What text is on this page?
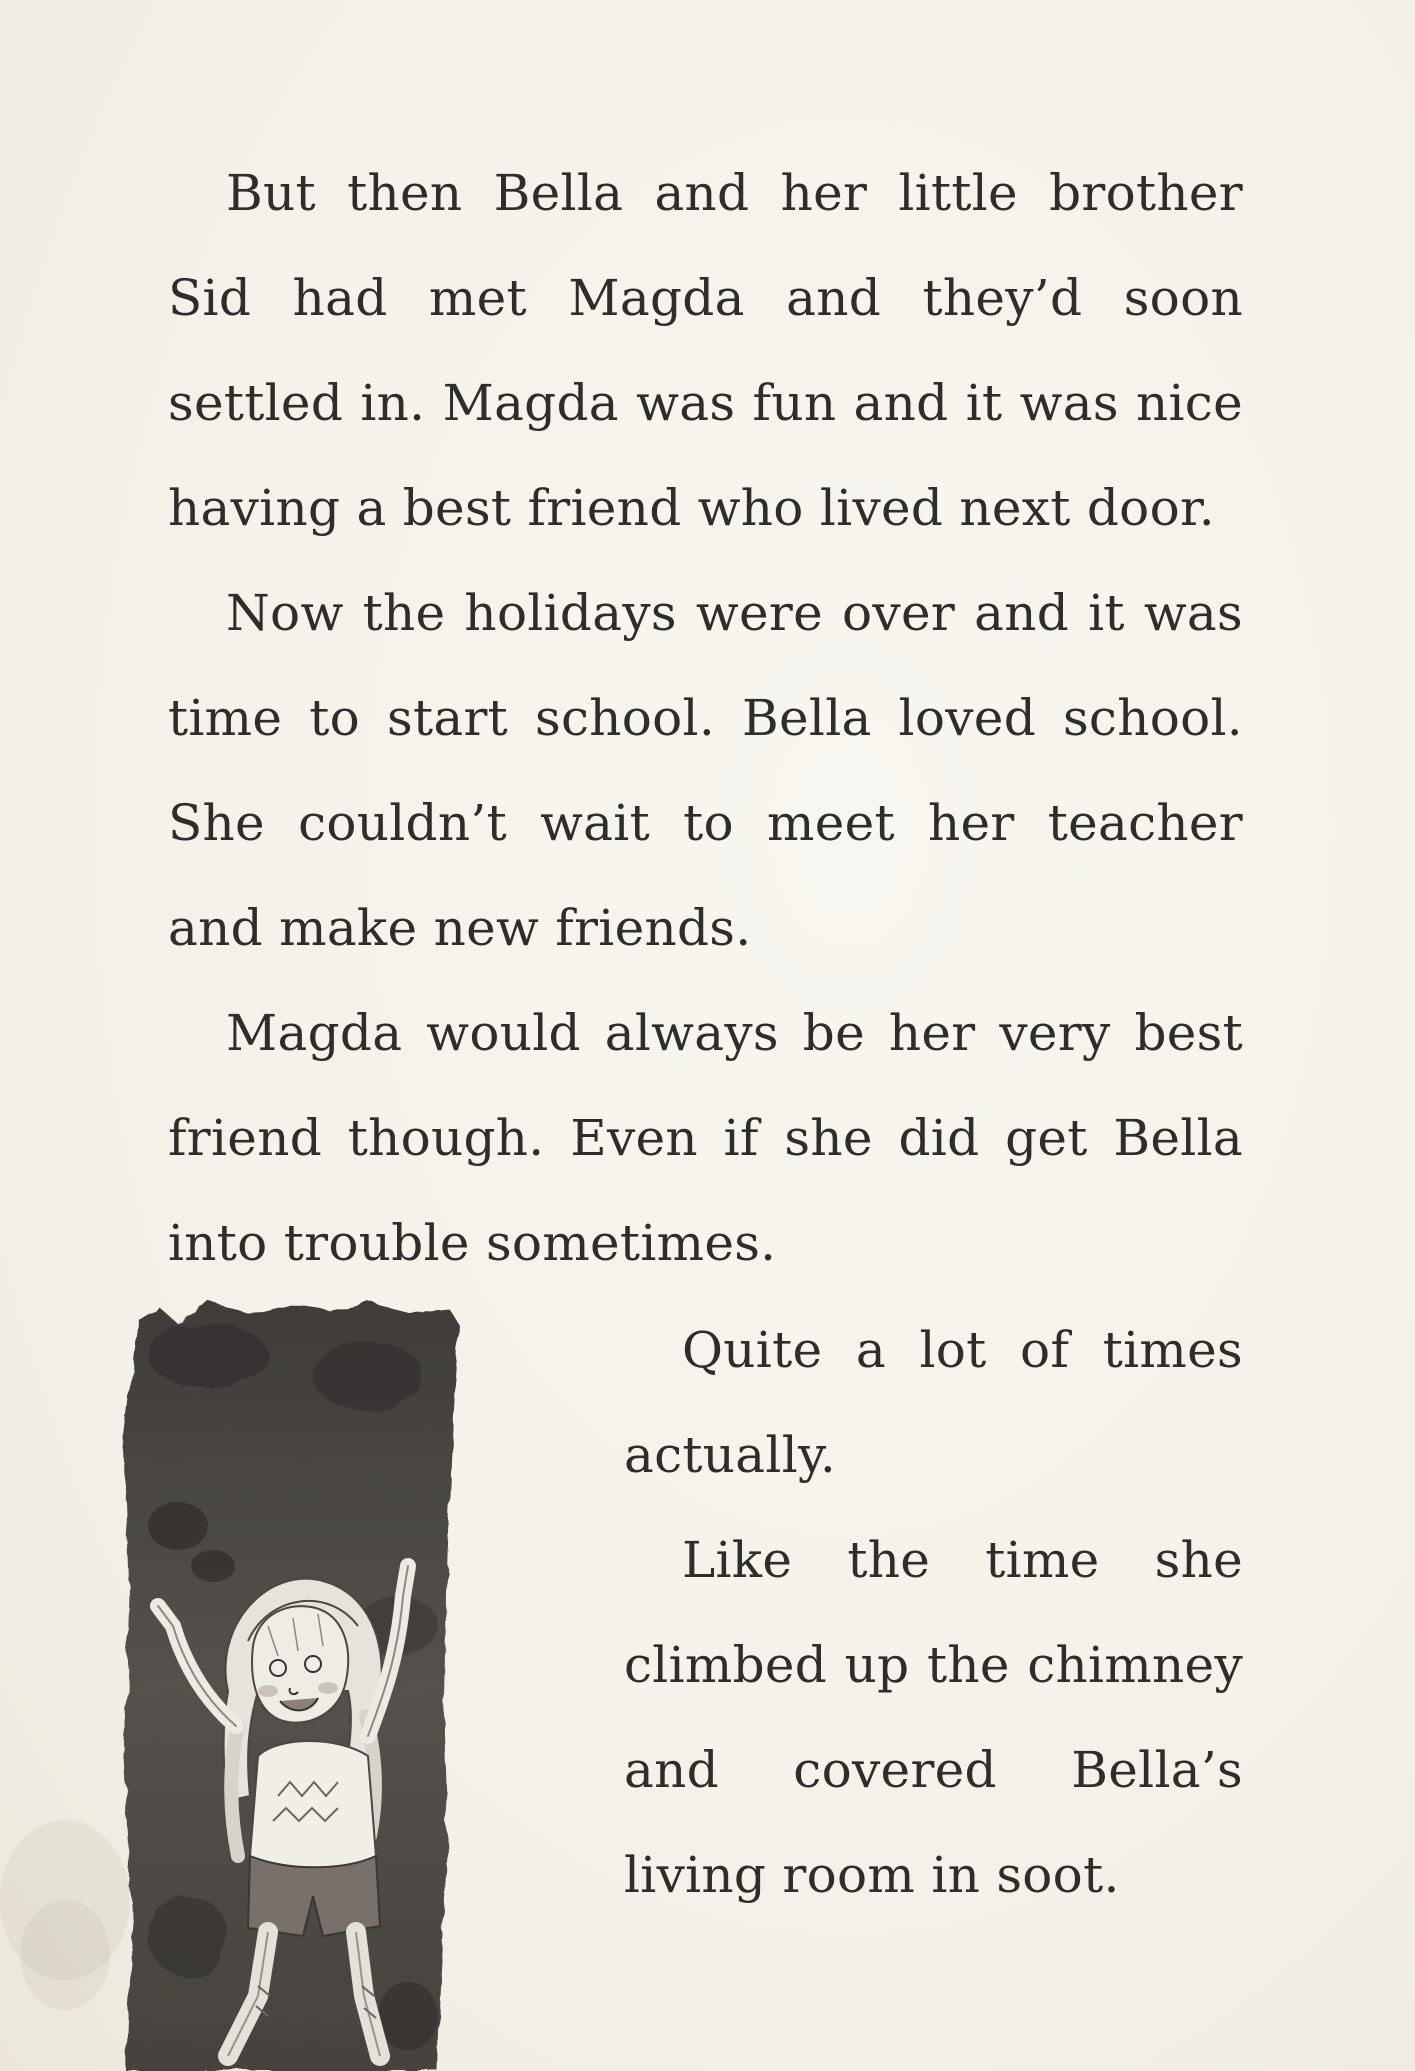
But then Bella and her little brother Sid had met Magda and they’d soon settled in. Magda was fun and it was nice having a best friend who lived next door.

Now the holidays were over and it was time to start school. Bella loved school. She couldn’t wait to meet her teacher and make new friends.

Magda would always be her very best friend though. Even if she did get Bella into trouble sometimes.

Quite a lot of times actually.

Like the time she climbed up the chimney and covered Bella’s living room in soot.
